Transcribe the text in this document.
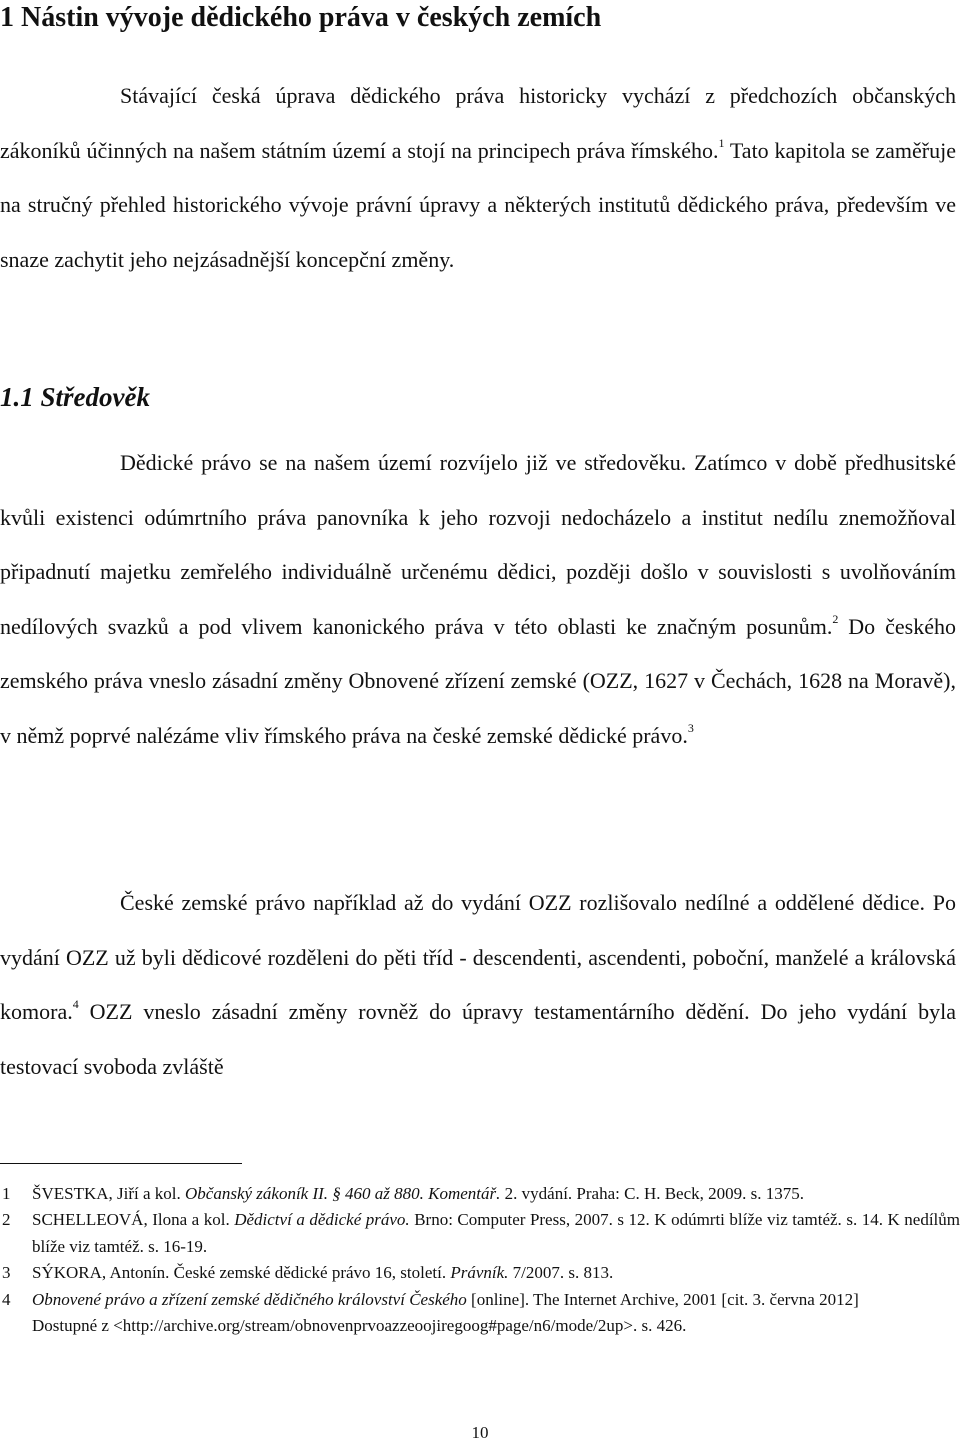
1 Nástin vývoje dědického práva v českých zemích

Stávající česká úprava dědického práva historicky vychází z předchozích občanských zákoníků účinných na našem státním území a stojí na principech práva římského.$^1$ Tato kapitola se zaměřuje na stručný přehled historického vývoje právní úpravy a některých institutů dědického práva, především ve snaze zachytit jeho nejzásadnější koncepční změny.

1.1 Středověk

Dědické právo se na našem území rozvíjelo již ve středověku. Zatímco v době předhusitské kvůli existenci odúmrtního práva panovníka k jeho rozvoji nedocházelo a institut nedílu znemožňoval připadnutí majetku zemřelého individuálně určenému dědici, později došlo v souvislosti s uvolňováním nedílových svazků a pod vlivem kanonického práva v této oblasti ke značným posunům.$^2$ Do českého zemského práva vneslo zásadní změny Obnovené zřízení zemské (OZZ, 1627 v Čechách, 1628 na Moravě), v němž poprvé nalézáme vliv římského práva na české zemské dědické právo.$^3$

České zemské právo například až do vydání OZZ rozlišovalo nedílné a oddělené dědice. Po vydání OZZ už byli dědicové rozděleni do pěti tříd - descendenti, ascendenti, poboční, manželé a královská komora.$^4$ OZZ vneslo zásadní změny rovněž do úpravy testamentárního dědění. Do jeho vydání byla testovací svoboda zvláště

1 ŠVESTKA, Jiří a kol. Občanský zákoník II. § 460 až 880. Komentář. 2. vydání. Praha: C. H. Beck, 2009. s. 1375.
2 SCHELLEOVÁ, Ilona a kol. Dědictví a dědické právo. Brno: Computer Press, 2007. s 12. K odúmrti blíže viz tamtéž. s. 14. K nedílům blíže viz tamtéž. s. 16-19.
3 SÝKORA, Antonín. České zemské dědické právo 16, století. Právník. 7/2007. s. 813.
4 Obnovené právo a zřízení zemské dědičného království Českého [online]. The Internet Archive, 2001 [cit. 3. června 2012]
Dostupné z <http://archive.org/stream/obnovenprvoazzeoojiregoog#page/n6/mode/2up>. s. 426.
10
